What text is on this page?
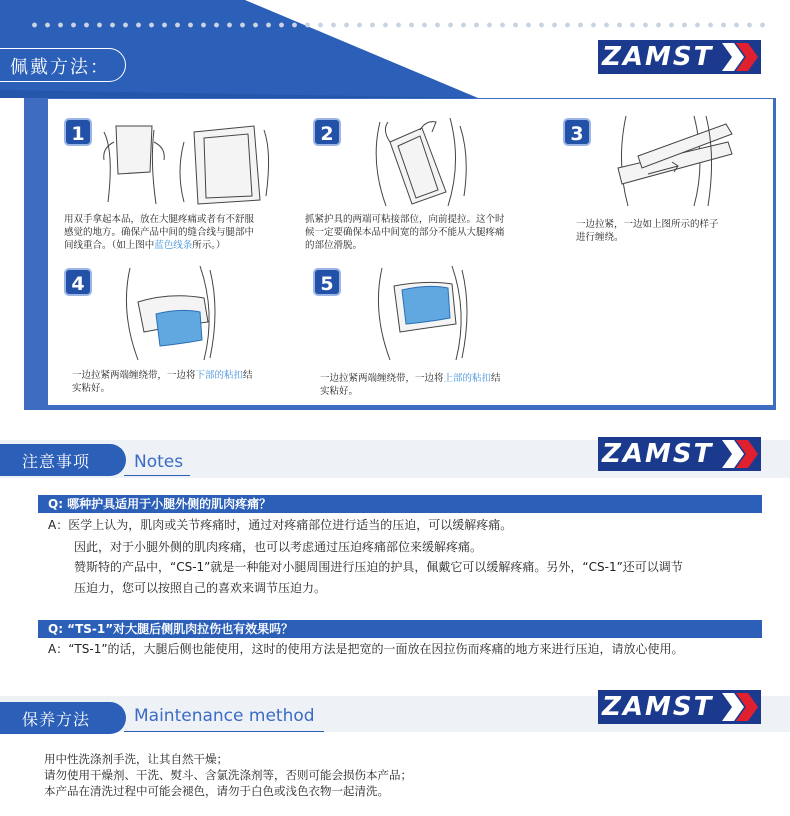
佩戴方法：	ZAMST
1
用双手拿起本品，放在大腿疼痛或者有不舒服
感觉的地方。确保产品中间的缝合线与腿部中
间线重合。（如上图中蓝色线条所示。）
2
抓紧护具的两端可粘接部位，向前提拉。这个时
候一定要确保本品中间宽的部分不能从大腿疼痛
的部位滑脱。
3
一边拉紧，一边如上图所示的样子
进行缠绕。
4
一边拉紧两端缠绕带，一边将下部的粘扣结
实粘好。
5
一边拉紧两端缠绕带，一边将上部的粘扣结
实粘好。
注意事项	Notes	ZAMST
Q: 哪种护具适用于小腿外侧的肌肉疼痛？
A：医学上认为，肌肉或关节疼痛时，通过对疼痛部位进行适当的压迫，可以缓解疼痛。
因此，对于小腿外侧的肌肉疼痛，也可以考虑通过压迫疼痛部位来缓解疼痛。
赞斯特的产品中，“CS-1”就是一种能对小腿周围进行压迫的护具，佩戴它可以缓解疼痛。另外，“CS-1”还可以调节
压迫力，您可以按照自己的喜欢来调节压迫力。
Q: “TS-1”对大腿后侧肌肉拉伤也有效果吗？
A：“TS-1”的话，大腿后侧也能使用，这时的使用方法是把宽的一面放在因拉伤而疼痛的地方来进行压迫，请放心使用。
保养方法	Maintenance method	ZAMST
用中性洗涤剂手洗，让其自然干燥；
请勿使用干燥剂、干洗、熨斗、含氯洗涤剂等，否则可能会损伤本产品；
本产品在清洗过程中可能会褪色，请勿于白色或浅色衣物一起清洗。
